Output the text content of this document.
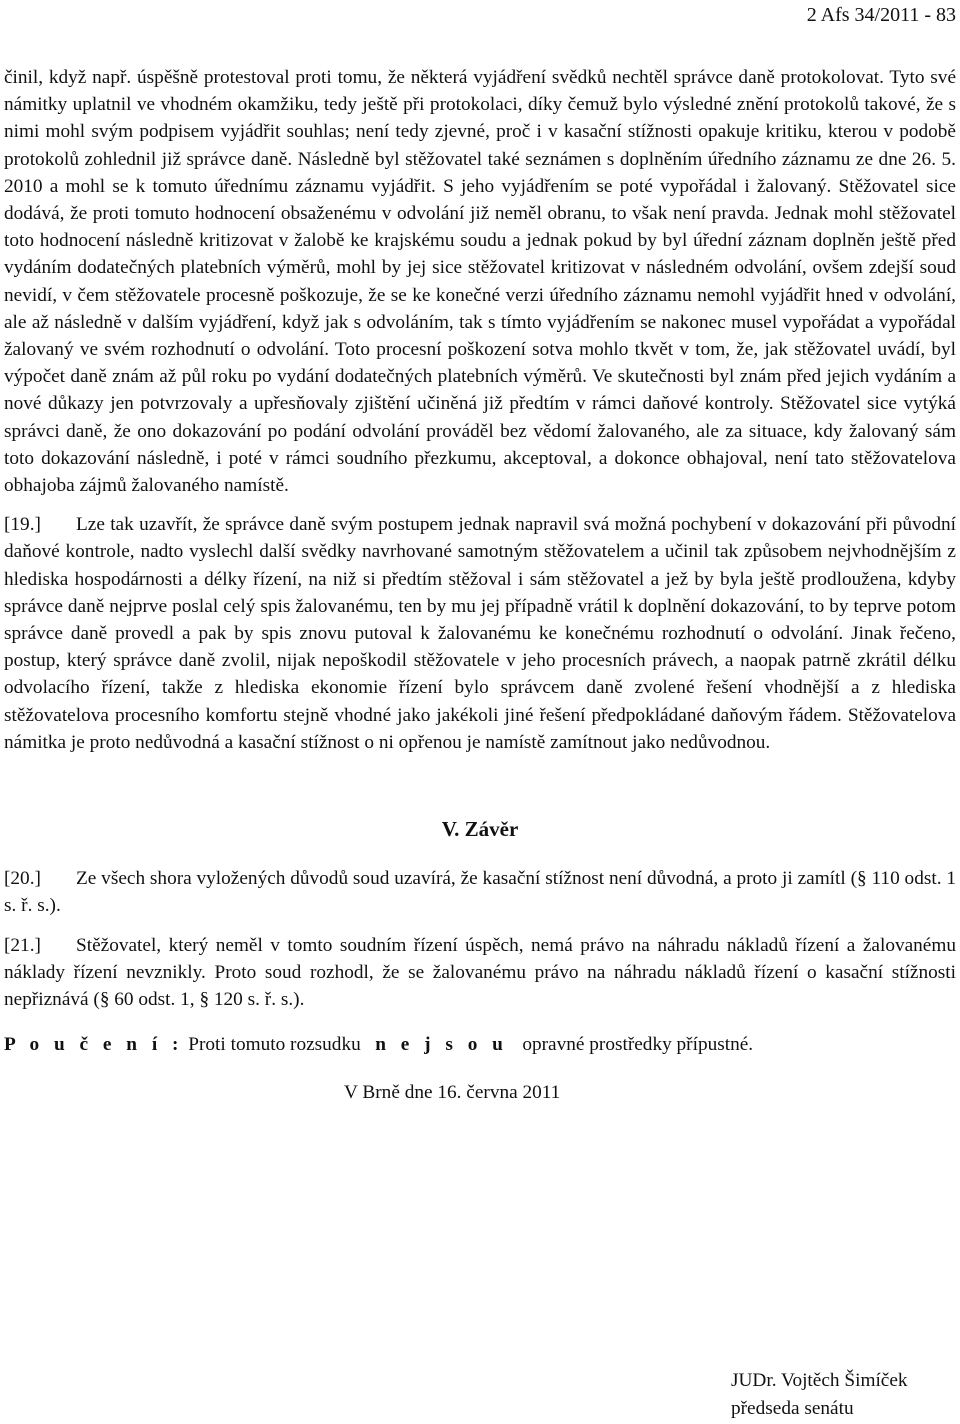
2 Afs 34/2011 - 83

činil, když např. úspěšně protestoval proti tomu, že některá vyjádření svědků nechtěl správce daně protokolovat. Tyto své námitky uplatnil ve vhodném okamžiku, tedy ještě při protokolaci, díky čemuž bylo výsledné znění protokolů takové, že s nimi mohl svým podpisem vyjádřit souhlas; není tedy zjevné, proč i v kasační stížnosti opakuje kritiku, kterou v podobě protokolů zohlednil již správce daně. Následně byl stěžovatel také seznámen s doplněním úředního záznamu ze dne 26. 5. 2010 a mohl se k tomuto úřednímu záznamu vyjádřit. S jeho vyjádřením se poté vypořádal i žalovaný. Stěžovatel sice dodává, že proti tomuto hodnocení obsaženému v odvolání již neměl obranu, to však není pravda. Jednak mohl stěžovatel toto hodnocení následně kritizovat v žalobě ke krajskému soudu a jednak pokud by byl úřední záznam doplněn ještě před vydáním dodatečných platebních výměrů, mohl by jej sice stěžovatel kritizovat v následném odvolání, ovšem zdejší soud nevidí, v čem stěžovatele procesně poškozuje, že se ke konečné verzi úředního záznamu nemohl vyjádřit hned v odvolání, ale až následně v dalším vyjádření, když jak s odvoláním, tak s tímto vyjádřením se nakonec musel vypořádat a vypořádal žalovaný ve svém rozhodnutí o odvolání. Toto procesní poškození sotva mohlo tkvět v tom, že, jak stěžovatel uvádí, byl výpočet daně znám až půl roku po vydání dodatečných platebních výměrů. Ve skutečnosti byl znám před jejich vydáním a nové důkazy jen potvrzovaly a upřesňovaly zjištění učiněná již předtím v rámci daňové kontroly. Stěžovatel sice vytýká správci daně, že ono dokazování po podání odvolání prováděl bez vědomí žalovaného, ale za situace, kdy žalovaný sám toto dokazování následně, i poté v rámci soudního přezkumu, akceptoval, a dokonce obhajoval, není tato stěžovatelova obhajoba zájmů žalovaného namístě.

[19.] Lze tak uzavřít, že správce daně svým postupem jednak napravil svá možná pochybení v dokazování při původní daňové kontrole, nadto vyslechl další svědky navrhované samotným stěžovatelem a učinil tak způsobem nejvhodnějším z hlediska hospodárnosti a délky řízení, na niž si předtím stěžoval i sám stěžovatel a jež by byla ještě prodloužena, kdyby správce daně nejprve poslal celý spis žalovanému, ten by mu jej případně vrátil k doplnění dokazování, to by teprve potom správce daně provedl a pak by spis znovu putoval k žalovanému ke konečnému rozhodnutí o odvolání. Jinak řečeno, postup, který správce daně zvolil, nijak nepoškodil stěžovatele v jeho procesních právech, a naopak patrně zkrátil délku odvolacího řízení, takže z hlediska ekonomie řízení bylo správcem daně zvolené řešení vhodnější a z hlediska stěžovatelova procesního komfortu stejně vhodné jako jakékoli jiné řešení předpokládané daňovým řádem. Stěžovatelova námitka je proto nedůvodná a kasační stížnost o ni opřenou je namístě zamítnout jako nedůvodnou.

V. Závěr

[20.] Ze všech shora vyložených důvodů soud uzavírá, že kasační stížnost není důvodná, a proto ji zamítl (§ 110 odst. 1 s. ř. s.).

[21.] Stěžovatel, který neměl v tomto soudním řízení úspěch, nemá právo na náhradu nákladů řízení a žalovanému náklady řízení nevznikly. Proto soud rozhodl, že se žalovanému právo na náhradu nákladů řízení o kasační stížnosti nepřiznává (§ 60 odst. 1, § 120 s. ř. s.).

P o u č e n í : Proti tomuto rozsudku n e j s o u opravné prostředky přípustné.

V Brně dne 16. června 2011

JUDr. Vojtěch Šimíček
předseda senátu
